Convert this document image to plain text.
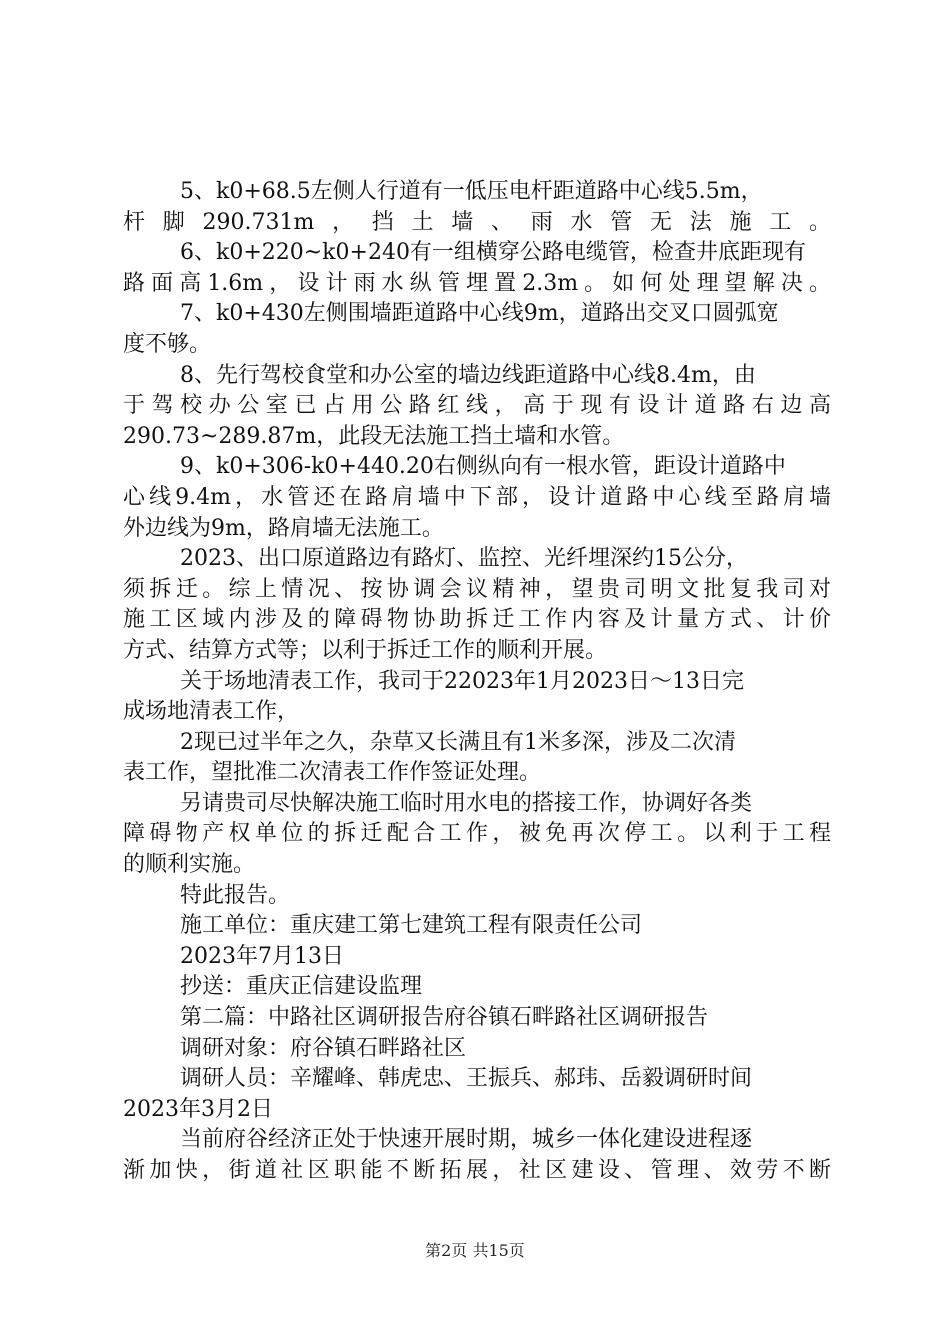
5、k0+68.5左侧人行道有一低压电杆距道路中心线5.5m，
杆脚290.731m，挡土墙、雨水管无法施工。
6、k0+220~k0+240有一组横穿公路电缆管，检查井底距现有
路面高1.6m，设计雨水纵管埋置2.3m。如何处理望解决。
7、k0+430左侧围墙距道路中心线9m，道路出交叉口圆弧宽
度不够。
8、先行驾校食堂和办公室的墙边线距道路中心线8.4m，由
于驾校办公室已占用公路红线，高于现有设计道路右边高
290.73~289.87m，此段无法施工挡土墙和水管。
9、k0+306-k0+440.20右侧纵向有一根水管，距设计道路中
心线9.4m，水管还在路肩墙中下部，设计道路中心线至路肩墙
外边线为9m，路肩墙无法施工。
2023、出口原道路边有路灯、监控、光纤埋深约15公分，
须拆迁。综上情况、按协调会议精神，望贵司明文批复我司对
施工区域内涉及的障碍物协助拆迁工作内容及计量方式、计价
方式、结算方式等；以利于拆迁工作的顺利开展。
关于场地清表工作，我司于22023年1月2023日～13日完
成场地清表工作，
2现已过半年之久，杂草又长满且有1米多深，涉及二次清
表工作，望批准二次清表工作作签证处理。
另请贵司尽快解决施工临时用水电的搭接工作，协调好各类
障碍物产权单位的拆迁配合工作，被免再次停工。以利于工程
的顺利实施。
特此报告。
施工单位：重庆建工第七建筑工程有限责任公司
2023年7月13日
抄送：重庆正信建设监理
第二篇：中路社区调研报告府谷镇石畔路社区调研报告
调研对象：府谷镇石畔路社区
调研人员：辛耀峰、韩虎忠、王振兵、郝玮、岳毅调研时间
2023年3月2日
当前府谷经济正处于快速开展时期，城乡一体化建设进程逐
渐加快，街道社区职能不断拓展，社区建设、管理、效劳不断
第2页 共15页
